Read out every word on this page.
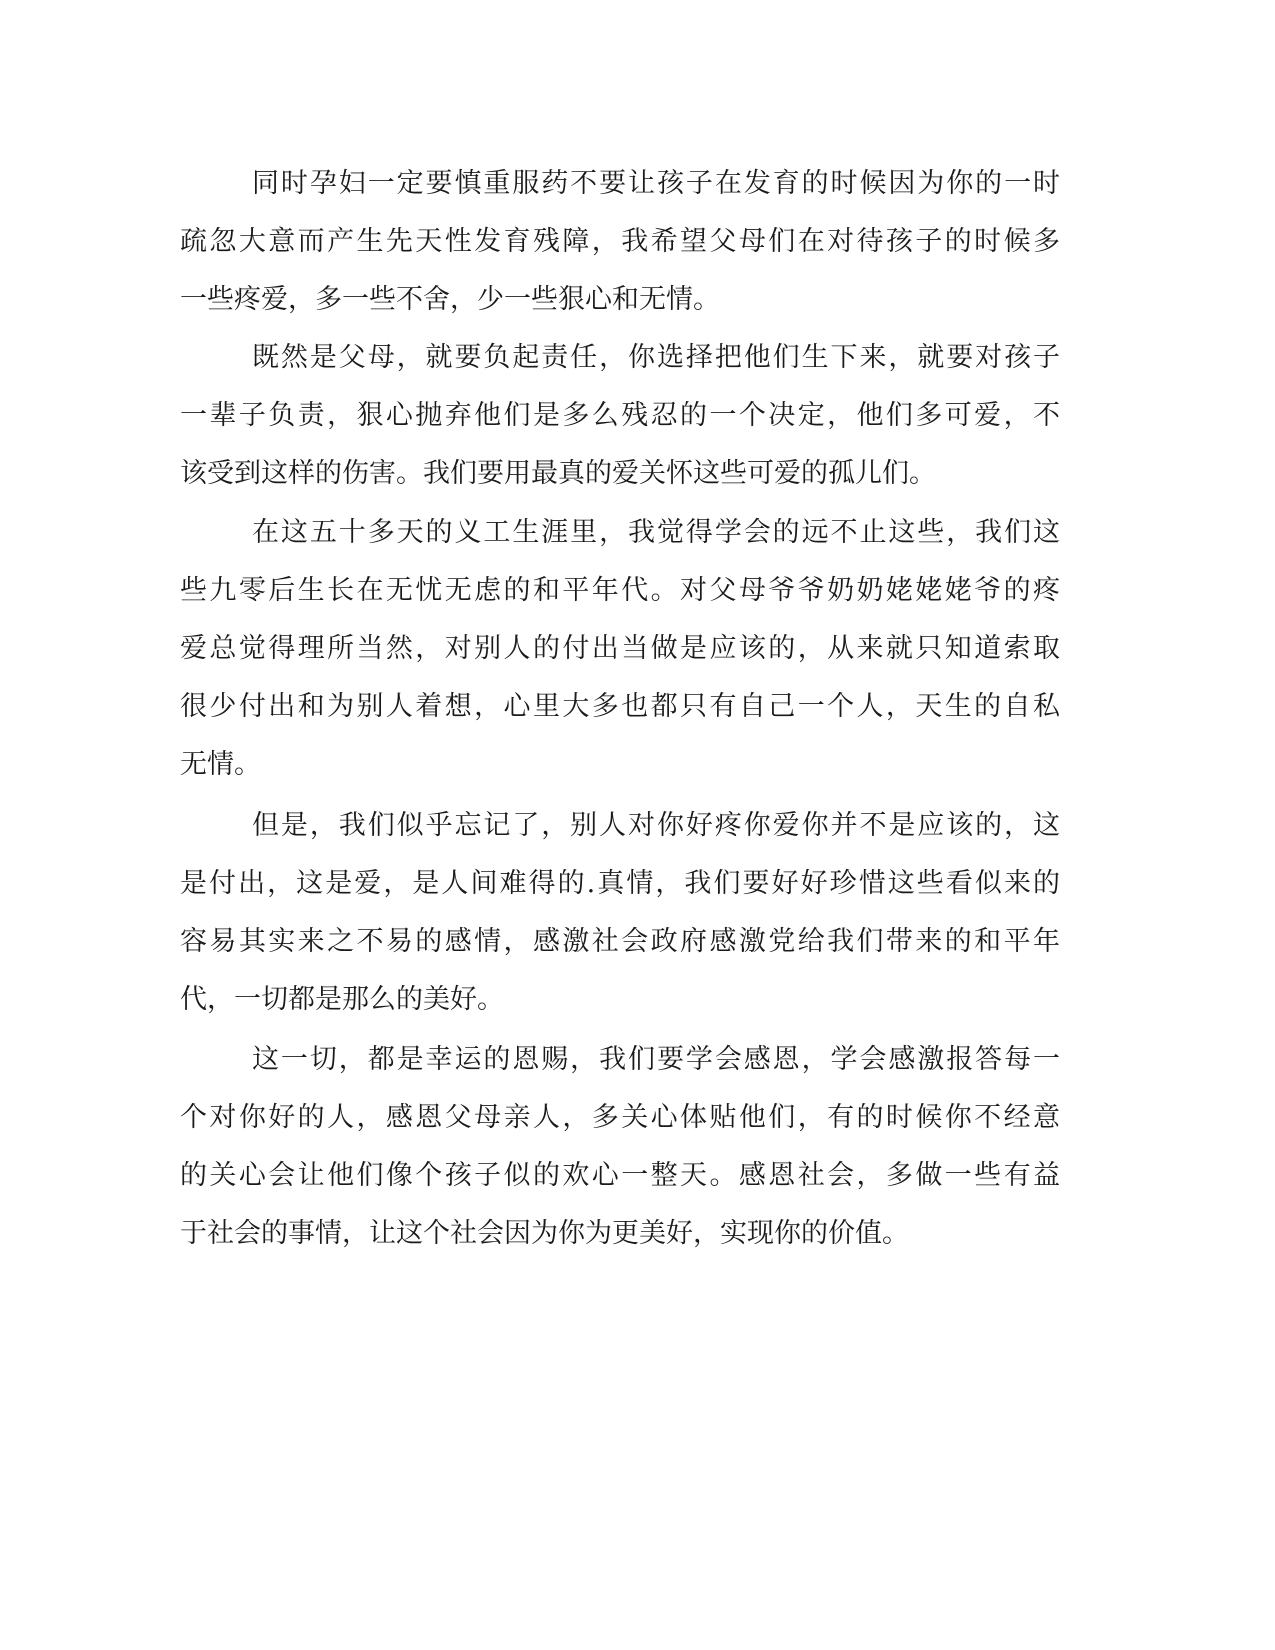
同时孕妇一定要慎重服药不要让孩子在发育的时候因为你的一时
疏忽大意而产生先天性发育残障，我希望父母们在对待孩子的时候多
一些疼爱，多一些不舍，少一些狠心和无情。
既然是父母，就要负起责任，你选择把他们生下来，就要对孩子
一辈子负责，狠心抛弃他们是多么残忍的一个决定，他们多可爱，不
该受到这样的伤害。我们要用最真的爱关怀这些可爱的孤儿们。
在这五十多天的义工生涯里，我觉得学会的远不止这些，我们这
些九零后生长在无忧无虑的和平年代。对父母爷爷奶奶姥姥姥爷的疼
爱总觉得理所当然，对别人的付出当做是应该的，从来就只知道索取
很少付出和为别人着想，心里大多也都只有自己一个人，天生的自私
无情。
但是，我们似乎忘记了，别人对你好疼你爱你并不是应该的，这
是付出，这是爱，是人间难得的.真情，我们要好好珍惜这些看似来的
容易其实来之不易的感情，感激社会政府感激党给我们带来的和平年
代，一切都是那么的美好。
这一切，都是幸运的恩赐，我们要学会感恩，学会感激报答每一
个对你好的人，感恩父母亲人，多关心体贴他们，有的时候你不经意
的关心会让他们像个孩子似的欢心一整天。感恩社会，多做一些有益
于社会的事情，让这个社会因为你为更美好，实现你的价值。
